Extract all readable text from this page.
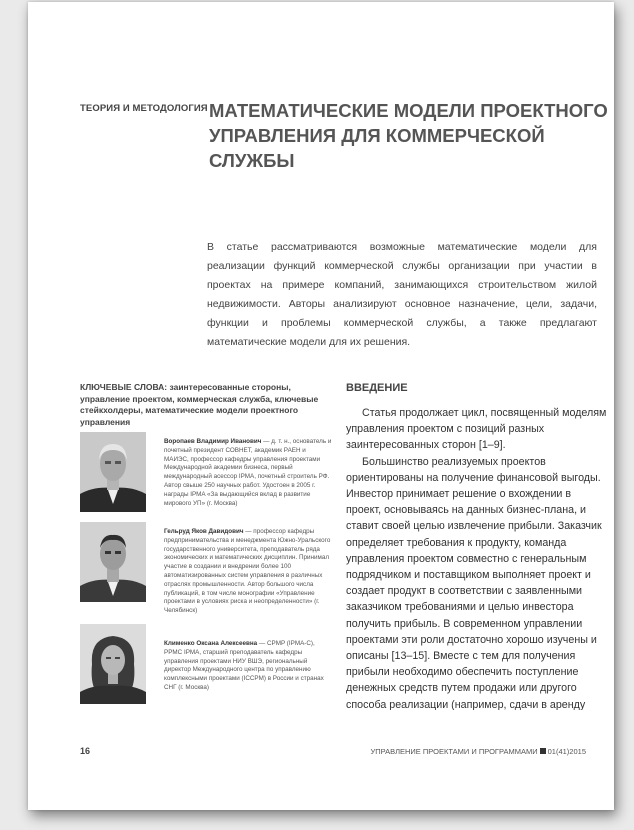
ТЕОРИЯ И МЕТОДОЛОГИЯ МАТЕМАТИЧЕСКИЕ МОДЕЛИ ПРОЕКТНОГО УПРАВЛЕНИЯ ДЛЯ КОММЕРЧЕСКОЙ СЛУЖБЫ
В статье рассматриваются возможные математические модели для реализации функций коммерческой службы организации при участии в проектах на примере компаний, занимающихся строительством жилой недвижимости. Авторы анализируют основное назначение, цели, задачи, функции и проблемы коммерческой службы, а также предлагают математические модели для их решения.
КЛЮЧЕВЫЕ СЛОВА: заинтересованные стороны, управление проектом, коммерческая служба, ключевые стейкхолдеры, математические модели проектного управления
Воропаев Владимир Иванович — д. т. н., основатель и почетный президент СОВНЕТ, академик РАЕН и МАИЭС, профессор кафедры управления проектами Международной академии бизнеса, первый международный асессор IPMA, почетный строитель РФ. Автор свыше 250 научных работ. Удостоен в 2005 г. награды IPMA «За выдающийся вклад в развитие мирового УП» (г. Москва)
Гельруд Яков Давидович — профессор кафедры предпринимательства и менеджмента Южно-Уральского государственного университета, преподаватель ряда экономических и математических дисциплин. Принимал участие в создании и внедрении более 100 автоматизированных систем управления в различных отраслях промышленности. Автор большого числа публикаций, в том числе монографии «Управление проектами в условиях риска и неопределенности» (г. Челябинск)
Клименко Оксана Алексеевна — CPMP (IPMA-C), PPMC IPMA, старший преподаватель кафедры управления проектами НИУ ВШЭ, региональный директор Международного центра по управлению комплексными проектами (ICCPM) в России и странах СНГ (г. Москва)
ВВЕДЕНИЕ

Статья продолжает цикл, посвященный моделям управления проектом с позиций разных заинтересованных сторон [1–9].

Большинство реализуемых проектов ориентированы на получение финансовой выгоды. Инвестор принимает решение о вхождении в проект, основываясь на данных бизнес-плана, и ставит своей целью извлечение прибыли. Заказчик определяет требования к продукту, команда управления проектом совместно с генеральным подрядчиком и поставщиком выполняет проект и создает продукт в соответствии с заявленными заказчиком требованиями и целью инвестора получить прибыль. В современном управлении проектами эти роли достаточно хорошо изучены и описаны [13–15]. Вместе с тем для получения прибыли необходимо обеспечить поступление денежных средств путем продажи или другого способа реализации (например, сдачи в аренду

16	УПРАВЛЕНИЕ ПРОЕКТАМИ И ПРОГРАММАМИ 01(41)2015
